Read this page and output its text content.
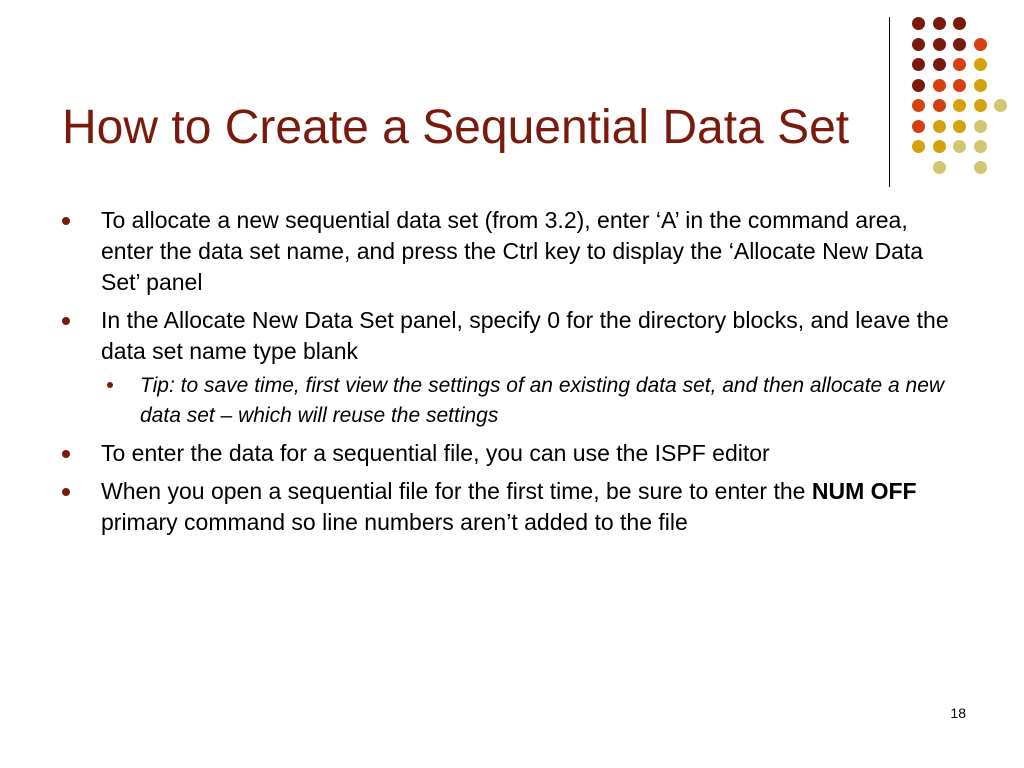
How to Create a Sequential Data Set
To allocate a new sequential data set (from 3.2), enter ‘A’ in the command area, enter the data set name, and press the Ctrl key to display the ‘Allocate New Data Set’ panel
In the Allocate New Data Set panel, specify 0 for the directory blocks, and leave the data set name type blank
Tip: to save time, first view the settings of an existing data set, and then allocate a new data set – which will reuse the settings
To enter the data for a sequential file, you can use the ISPF editor
When you open a sequential file for the first time, be sure to enter the NUM OFF primary command so line numbers aren’t added to the file
18
